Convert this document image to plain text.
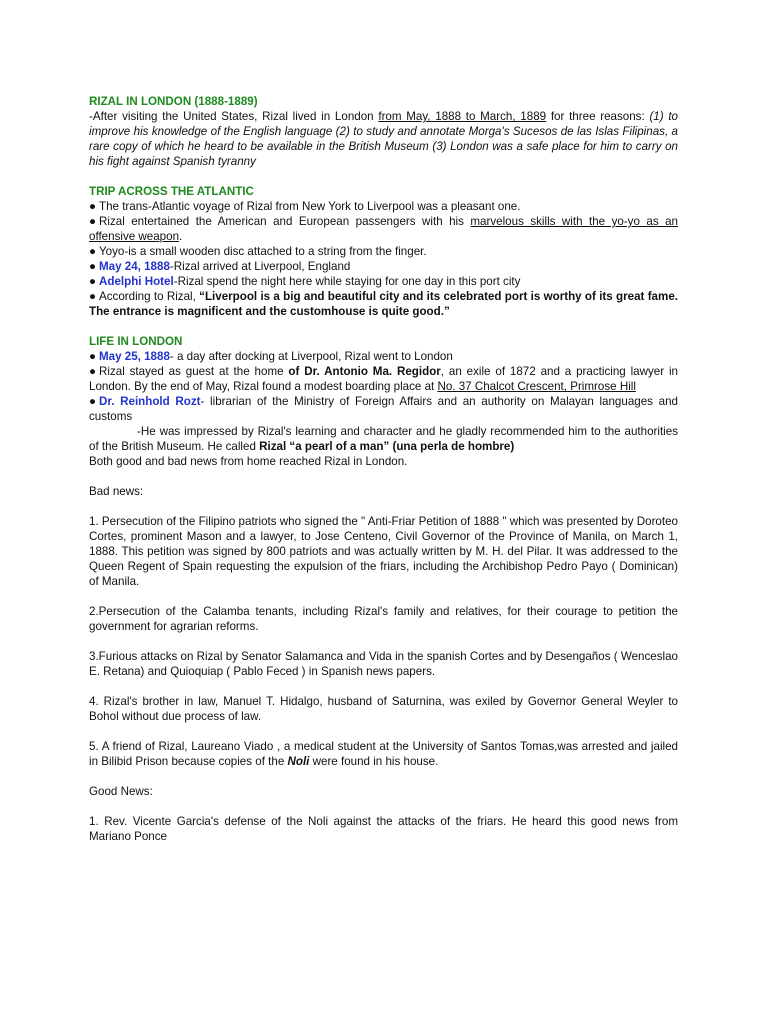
RIZAL IN LONDON (1888-1889)

-After visiting the United States, Rizal lived in London from May, 1888 to March, 1889 for three reasons: (1) to improve his knowledge of the English language (2) to study and annotate Morga's Sucesos de las Islas Filipinas, a rare copy of which he heard to be available in the British Museum (3) London was a safe place for him to carry on his fight against Spanish tyranny

TRIP ACROSS THE ATLANTIC

● The trans-Atlantic voyage of Rizal from New York to Liverpool was a pleasant one.

● Rizal entertained the American and European passengers with his marvelous skills with the yo-yo as an offensive weapon.

● Yoyo-is a small wooden disc attached to a string from the finger.

● May 24, 1888-Rizal arrived at Liverpool, England

● Adelphi Hotel-Rizal spend the night here while staying for one day in this port city

● According to Rizal, “Liverpool is a big and beautiful city and its celebrated port is worthy of its great fame. The entrance is magnificent and the customhouse is quite good.”

LIFE IN LONDON

● May 25, 1888- a day after docking at Liverpool, Rizal went to London

● Rizal stayed as guest at the home of Dr. Antonio Ma. Regidor, an exile of 1872 and a practicing lawyer in London. By the end of May, Rizal found a modest boarding place at No. 37 Chalcot Crescent, Primrose Hill

● Dr. Reinhold Rozt- librarian of the Ministry of Foreign Affairs and an authority on Malayan languages and customs

-He was impressed by Rizal's learning and character and he gladly recommended him to the authorities of the British Museum. He called Rizal “a pearl of a man” (una perla de hombre)

Both good and bad news from home reached Rizal in London.

Bad news:

1. Persecution of the Filipino patriots who signed the " Anti-Friar Petition of 1888 " which was presented by Doroteo Cortes, prominent Mason and a lawyer, to Jose Centeno, Civil Governor of the Province of Manila, on March 1, 1888. This petition was signed by 800 patriots and was actually written by M. H. del Pilar. It was addressed to the Queen Regent of Spain requesting the expulsion of the friars, including the Archibishop Pedro Payo ( Dominican) of Manila.

2.Persecution of the Calamba tenants, including Rizal's family and relatives, for their courage to petition the government for agrarian reforms.

3.Furious attacks on Rizal by Senator Salamanca and Vida in the spanish Cortes and by Desengaños ( Wenceslao E. Retana) and Quioquiap ( Pablo Feced ) in Spanish news papers.

4. Rizal's brother in law, Manuel T. Hidalgo, husband of Saturnina, was exiled by Governor General Weyler to Bohol without due process of law.

5. A friend of Rizal, Laureano Viado , a medical student at the University of Santos Tomas,was arrested and jailed in Bilibid Prison because copies of the Noli were found in his house.

Good News:

1. Rev. Vicente Garcia's defense of the Noli against the attacks of the friars. He heard this good news from Mariano Ponce
